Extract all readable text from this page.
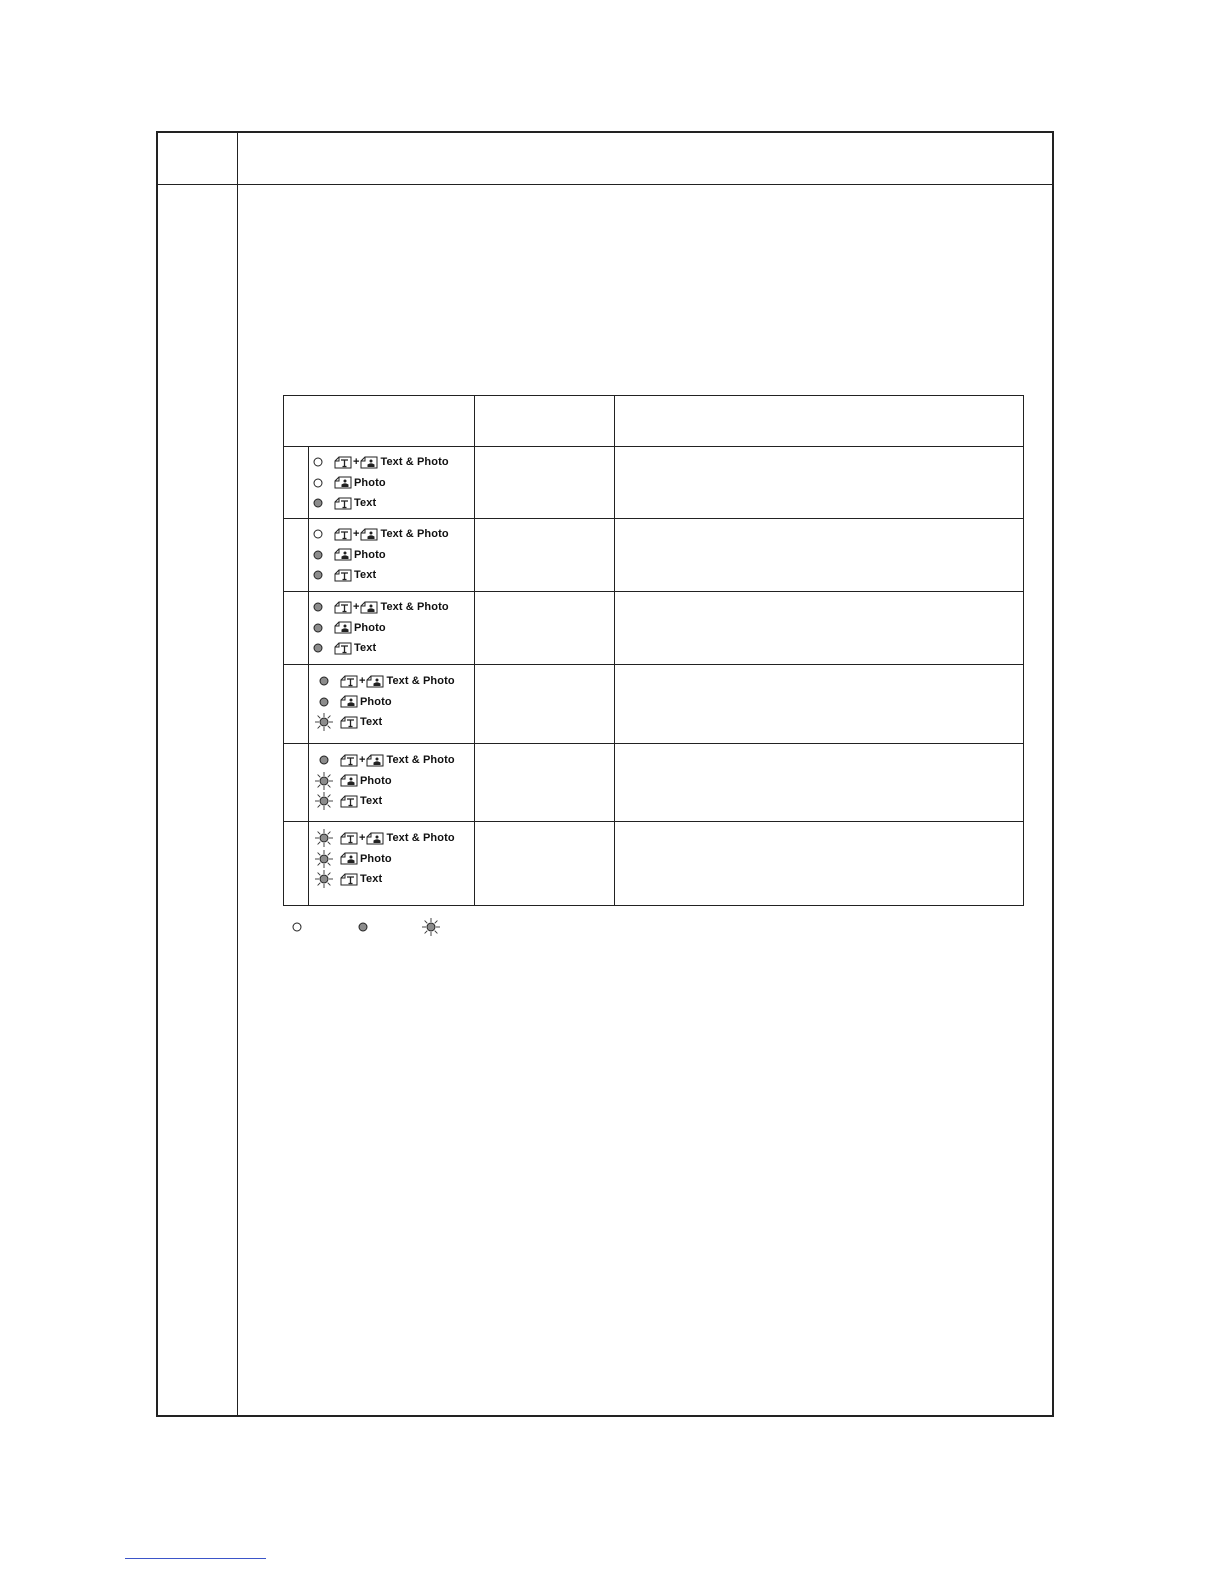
+ Text & Photo
Photo
Text
+ Text & Photo
Photo
Text
+ Text & Photo
Photo
Text
+ Text & Photo
Photo
Text
+ Text & Photo
Photo
Text
+ Text & Photo
Photo
Text
